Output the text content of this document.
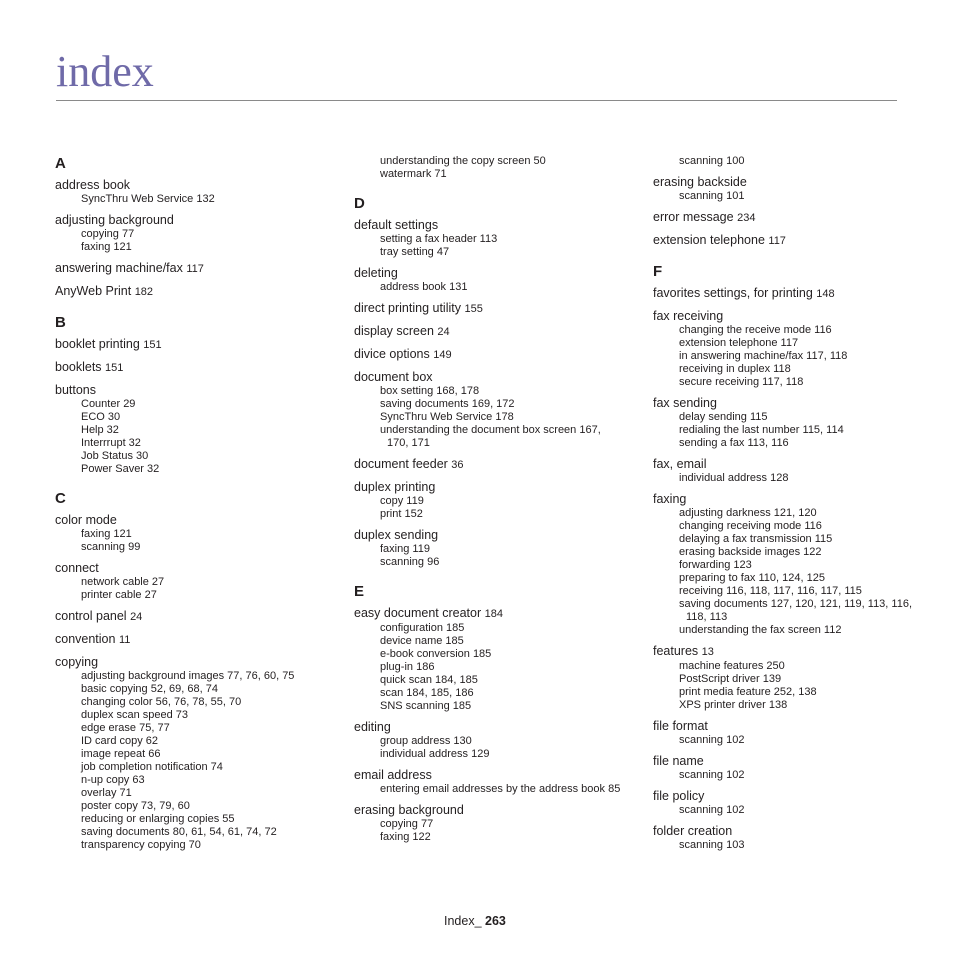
index
A
address book
SyncThru Web Service 132
adjusting background
copying 77
faxing 121
answering machine/fax 117
AnyWeb Print 182
B
booklet printing 151
booklets 151
buttons
Counter 29
ECO 30
Help 32
Interrrupt 32
Job Status 30
Power Saver 32
C
color mode
faxing 121
scanning 99
connect
network cable 27
printer cable 27
control panel 24
convention 11
copying
adjusting background images 77, 76, 60, 75
basic copying 52, 69, 68, 74
changing color 56, 76, 78, 55, 70
duplex scan speed 73
edge erase 75, 77
ID card copy 62
image repeat 66
job completion notification 74
n-up copy 63
overlay 71
poster copy 73, 79, 60
reducing or enlarging copies 55
saving documents 80, 61, 54, 61, 74, 72
transparency copying 70
understanding the copy screen 50
watermark 71
D
default settings
setting a fax header 113
tray setting 47
deleting
address book 131
direct printing utility 155
display screen 24
divice options 149
document box
box setting 168, 178
saving documents 169, 172
SyncThru Web Service 178
understanding the document box screen 167, 170, 171
document feeder 36
duplex printing
copy 119
print 152
duplex sending
faxing 119
scanning 96
E
easy document creator 184
configuration 185
device name 185
e-book conversion 185
plug-in 186
quick scan 184, 185
scan 184, 185, 186
SNS scanning 185
editing
group address 130
individual address 129
email address
entering email addresses by the address book 85
erasing background
copying 77
faxing 122
scanning 100
erasing backside
scanning 101
error message 234
extension telephone 117
F
favorites settings, for printing 148
fax receiving
changing the receive mode 116
extension telephone 117
in answering machine/fax 117, 118
receiving in duplex 118
secure receiving 117, 118
fax sending
delay sending 115
redialing the last number 115, 114
sending a fax 113, 116
fax, email
individual address 128
faxing
adjusting darkness 121, 120
changing receiving mode 116
delaying a fax transmission 115
erasing backside images 122
forwarding 123
preparing to fax 110, 124, 125
receiving 116, 118, 117, 116, 117, 115
saving documents 127, 120, 121, 119, 113, 116, 118, 113
understanding the fax screen 112
features 13
machine features 250
PostScript driver 139
print media feature 252, 138
XPS printer driver 138
file format
scanning 102
file name
scanning 102
file policy
scanning 102
folder creation
scanning 103
Index_ 263
